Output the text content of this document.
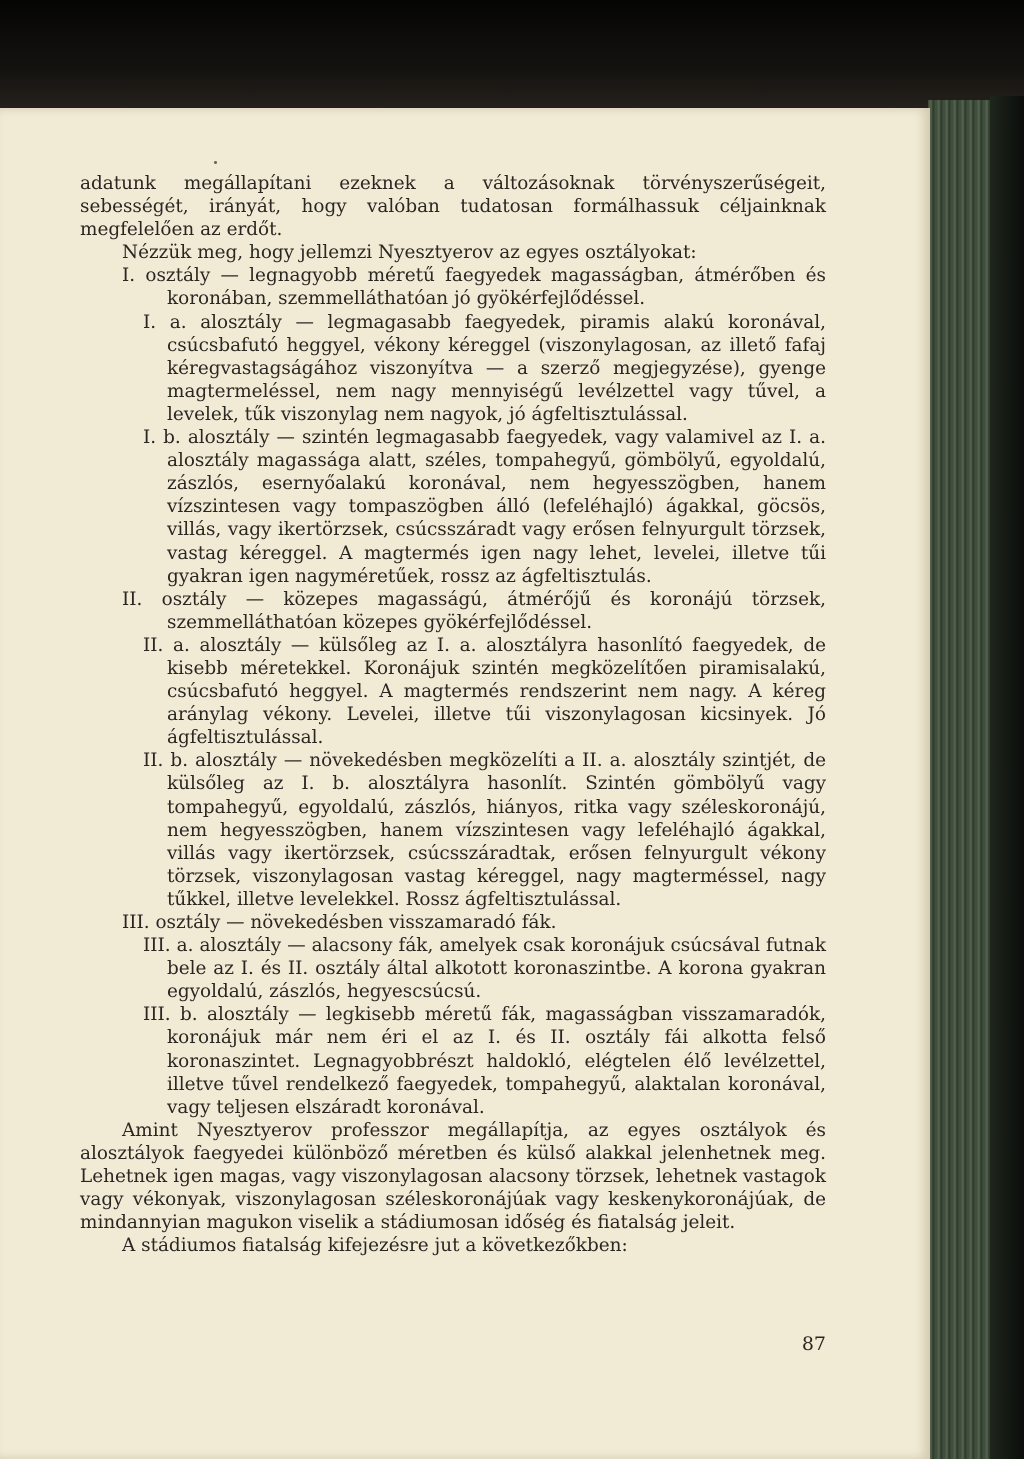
adatunk megállapítani ezeknek a változásoknak törvényszerűségeit, sebességét, irányát, hogy valóban tudatosan formálhassuk céljainknak megfelelően az erdőt.

Nézzük meg, hogy jellemzi Nyesztyerov az egyes osztályokat:

I. osztály — legnagyobb méretű faegyedek magasságban, átmérőben és koronában, szemmelláthatóan jó gyökérfejlődéssel.

I. a. alosztály — legmagasabb faegyedek, piramis alakú koronával, csúcsbafutó heggyel, vékony kéreggel (viszonylagosan, az illető fafaj kéregvastagságához viszonyítva — a szerző megjegyzése), gyenge magtermeléssel, nem nagy mennyiségű levélzettel vagy tűvel, a levelek, tűk viszonylag nem nagyok, jó ágfeltisztulással.

I. b. alosztály — szintén legmagasabb faegyedek, vagy valamivel az I. a. alosztály magassága alatt, széles, tompahegyű, gömbölyű, egyoldalú, zászlós, esernyőalakú koronával, nem hegyesszögben, hanem vízszintesen vagy tompaszögben álló (lefeléhajló) ágakkal, göcsös, villás, vagy ikertörzsek, csúcsszáradt vagy erősen felnyurgult törzsek, vastag kéreggel. A magtermés igen nagy lehet, levelei, illetve tűi gyakran igen nagyméretűek, rossz az ágfeltisztulás.

II. osztály — közepes magasságú, átmérőjű és koronájú törzsek, szemmelláthatóan közepes gyökérfejlődéssel.

II. a. alosztály — külsőleg az I. a. alosztályra hasonlító faegyedek, de kisebb méretekkel. Koronájuk szintén megközelítően piramisalakú, csúcsbafutó heggyel. A magtermés rendszerint nem nagy. A kéreg aránylag vékony. Levelei, illetve tűi viszonylagosan kicsinyek. Jó ágfeltisztulással.

II. b. alosztály — növekedésben megközelíti a II. a. alosztály szintjét, de külsőleg az I. b. alosztályra hasonlít. Szintén gömbölyű vagy tompahegyű, egyoldalú, zászlós, hiányos, ritka vagy széleskoronájú, nem hegyesszögben, hanem vízszintesen vagy lefeléhajló ágakkal, villás vagy ikertörzsek, csúcsszáradtak, erősen felnyurgult vékony törzsek, viszonylagosan vastag kéreggel, nagy magterméssel, nagy tűkkel, illetve levelekkel. Rossz ágfeltisztulással.

III. osztály — növekedésben visszamaradó fák.

III. a. alosztály — alacsony fák, amelyek csak koronájuk csúcsával futnak bele az I. és II. osztály által alkotott koronaszintbe. A korona gyakran egyoldalú, zászlós, hegyescsúcsú.

III. b. alosztály — legkisebb méretű fák, magasságban visszamaradók, koronájuk már nem éri el az I. és II. osztály fái alkotta felső koronaszintet. Legnagyobbrészt haldokló, elégtelen élő levélzettel, illetve tűvel rendelkező faegyedek, tompahegyű, alaktalan koronával, vagy teljesen elszáradt koronával.

Amint Nyesztyerov professzor megállapítja, az egyes osztályok és alosztályok faegyedei különböző méretben és külső alakkal jelenhetnek meg. Lehetnek igen magas, vagy viszonylagosan alacsony törzsek, lehetnek vastagok vagy vékonyak, viszonylagosan széleskoronájúak vagy keskenykoronájúak, de mindannyian magukon viselik a stádiumosan időség és fiatalság jeleit.

A stádiumos fiatalság kifejezésre jut a következőkben:

87
